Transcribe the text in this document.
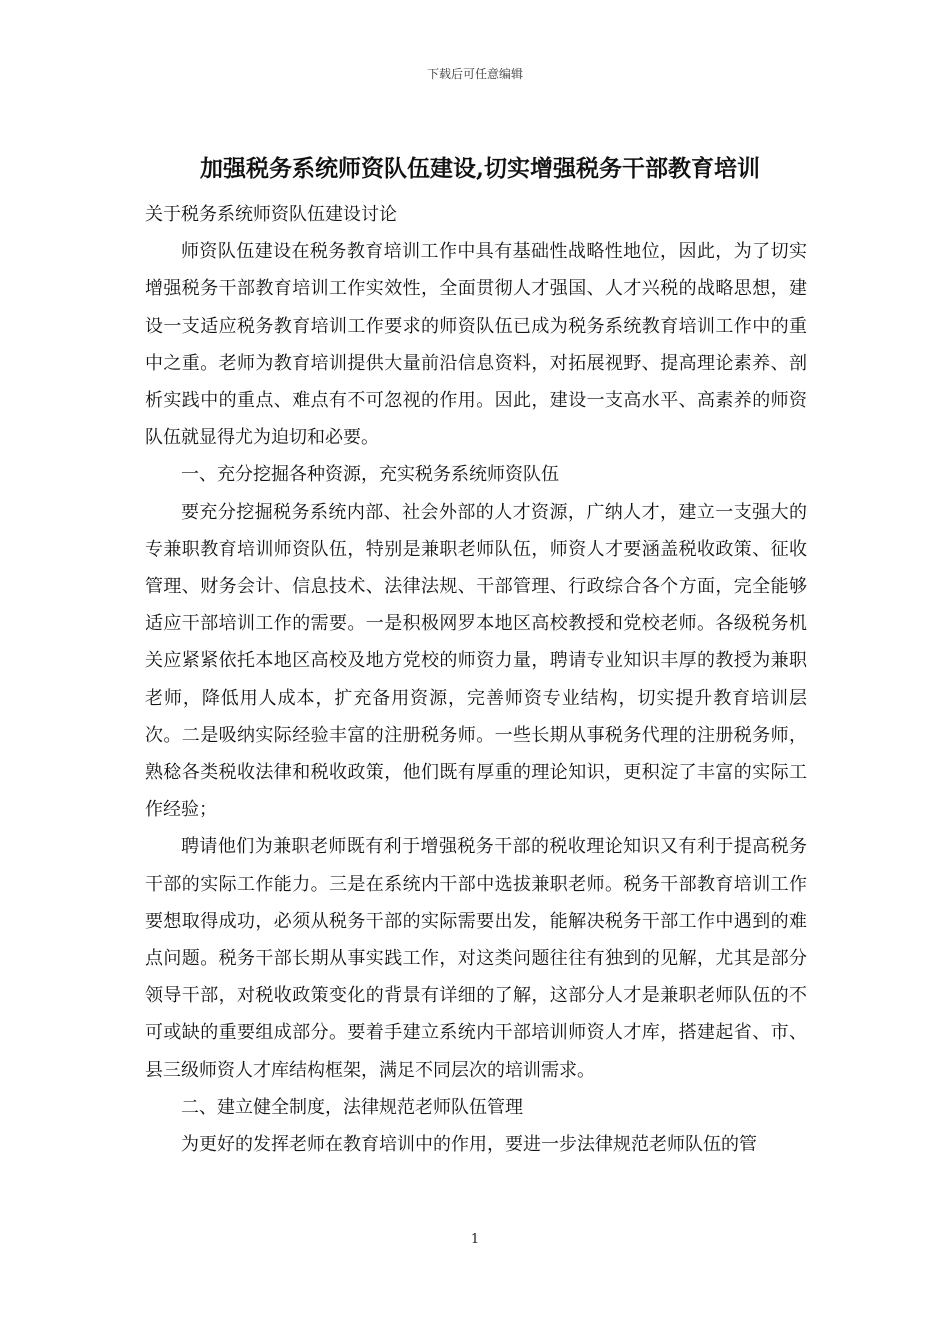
下载后可任意编辑
加强税务系统师资队伍建设,切实增强税务干部教育培训

关于税务系统师资队伍建设讨论

师资队伍建设在税务教育培训工作中具有基础性战略性地位，因此，为了切实增强税务干部教育培训工作实效性，全面贯彻人才强国、人才兴税的战略思想，建设一支适应税务教育培训工作要求的师资队伍已成为税务系统教育培训工作中的重中之重。老师为教育培训提供大量前沿信息资料，对拓展视野、提高理论素养、剖析实践中的重点、难点有不可忽视的作用。因此，建设一支高水平、高素养的师资队伍就显得尤为迫切和必要。

一、充分挖掘各种资源，充实税务系统师资队伍

要充分挖掘税务系统内部、社会外部的人才资源，广纳人才，建立一支强大的专兼职教育培训师资队伍，特别是兼职老师队伍，师资人才要涵盖税收政策、征收管理、财务会计、信息技术、法律法规、干部管理、行政综合各个方面，完全能够适应干部培训工作的需要。一是积极网罗本地区高校教授和党校老师。各级税务机关应紧紧依托本地区高校及地方党校的师资力量，聘请专业知识丰厚的教授为兼职老师，降低用人成本，扩充备用资源，完善师资专业结构，切实提升教育培训层次。二是吸纳实际经验丰富的注册税务师。一些长期从事税务代理的注册税务师，熟稔各类税收法律和税收政策，他们既有厚重的理论知识，更积淀了丰富的实际工作经验；

聘请他们为兼职老师既有利于增强税务干部的税收理论知识又有利于提高税务干部的实际工作能力。三是在系统内干部中选拔兼职老师。税务干部教育培训工作要想取得成功，必须从税务干部的实际需要出发，能解决税务干部工作中遇到的难点问题。税务干部长期从事实践工作，对这类问题往往有独到的见解，尤其是部分领导干部，对税收政策变化的背景有详细的了解，这部分人才是兼职老师队伍的不可或缺的重要组成部分。要着手建立系统内干部培训师资人才库，搭建起省、市、县三级师资人才库结构框架，满足不同层次的培训需求。

二、建立健全制度，法律规范老师队伍管理

为更好的发挥老师在教育培训中的作用，要进一步法律规范老师队伍的管

1
